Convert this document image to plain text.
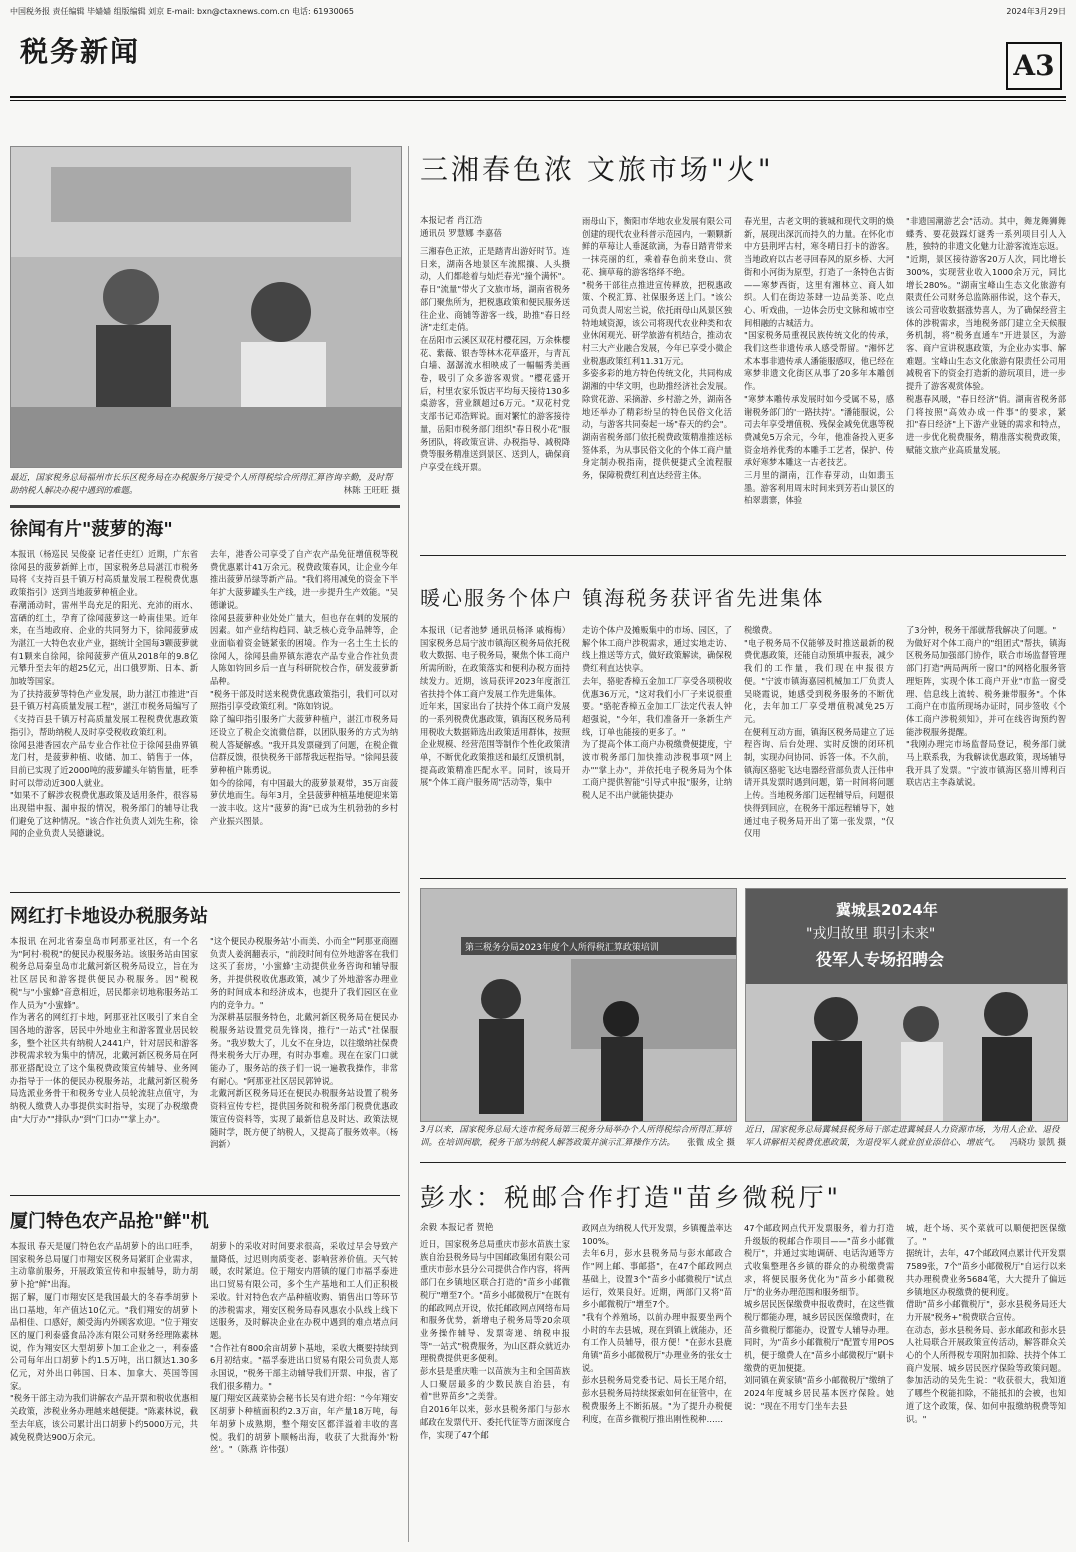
中国税务报 责任编辑 毕嫱嫱 组版编辑 刘京 E-mail: bxn@ctaxnews.com.cn 电话: 61930065	2024年3月29日
税务新闻	A3
最近，国家税务总局福州市长乐区税务局在办税服务厅接受个人所得税综合所得汇算咨询辛勤，及时帮助纳税人解决办税中遇到的难题。	林陈 王旺旺 摄
徐闻有片"菠萝的海"
本报讯（杨巡民 吴俊豪 记者任吏红）近期，广东省徐闻县的菠萝新鲜上市，国家税务总局湛江市税务局将《支持百县千镇万村高质量发展工程税费优惠政策指引》送到当地菠萝种植企业。
春潮涌动时，雷州半岛充足的阳光、充沛的雨水、富硒的红土，孕育了徐闻菠萝这一岭南佳果。近年来，在当地政府、企业的共同努力下，徐闻菠萝成为湛江一大特色农业产业，据统计全国每3颗菠萝就有1颗来自徐闻，徐闻菠萝产值从2018年的9.8亿元攀升至去年的超25亿元，出口俄罗斯、日本、新加坡等国家。
为了扶持菠萝等特色产业发展，助力湛江市推进"百县千镇万村高质量发展工程"，湛江市税务局编写了《支持百县千镇万村高质量发展工程税费优惠政策指引》，帮助纳税人及时享受税收政策红利。
徐闻县港香园农产品专业合作社位于徐闻县曲界镇龙门村，是菠萝种植、收储、加工、销售于一体，目前已实现了近2000吨的菠萝罐头年销售量，旺季时可以带动近300人就业。
"如果不了解涉农税费优惠政策及适用条件，很容易出现错申报、漏申报的情况，税务部门的辅导让我们避免了这种情况。"该合作社负责人刘先生称，徐闻的企业负责人吴德谦说。
去年，港香公司享受了自产农产品免征增值税等税费优惠累计41万余元。税费政策春风，让企业今年推出菠萝吊绿等新产品。"我们将用减免的资金下半年扩大菠萝罐头生产线，进一步提升生产效能。"吴德谦说。
徐闻县菠萝种业处处广量大，但也存在刺的发展的因素。如产业结构趋同、缺乏核心竞争品牌等，企业面临着资金链紧张的困境。作为一名土生土长的徐闻人，徐闻县曲界镇东港农产品专业合作社负责人陈如钧回乡后一直与科研院校合作，研发菠萝新品种。
"税务干部及时送来税费优惠政策指引，我们可以对照指引享受政策红利。"陈如钧说。
除了编印指引服务广大菠萝种植户，湛江市税务局还设立了税企交流微信群，以团队服务的方式为纳税人答疑解惑。"我开具发票碰到了问题，在税企微信群反馈，很快税务干部帮我远程指导。"徐闻县菠萝种植户陈勇说。
如今的徐闻，有中国最大的菠萝景观带，35万亩菠萝伏地而生。每年3月，全县菠萝种植基地便迎来第一波丰收。这片"菠萝的海"已成为生机勃勃的乡村产业振兴图景。
网红打卡地设办税服务站
本报讯 在河北省秦皇岛市阿那亚社区，有一个名为"阿村·税税"的便民办税服务站。该服务站由国家税务总局秦皇岛市北戴河新区税务局设立，旨在为社区居民和游客提供便民办税服务。因"税税税"与"小蜜蜂"音意相近，居民都亲切地称服务站工作人员为"小蜜蜂"。
作为著名的网红打卡地，阿那亚社区吸引了来自全国各地的游客，居民中外地业主和游客置业居民较多，整个社区共有纳税人2441户，针对居民和游客涉税需求较为集中的情况，北戴河新区税务局在阿那亚搭配设立了这个集税费政策宣传辅导、业务网办指导于一体的便民办税服务站，北戴河新区税务局选派业务骨干和税务专业人员轮流驻点值守，为纳税人缴费人办事提供实时指导，实现了办税缴费由"大厅办""排队办"到"门口办""掌上办"。
"这个便民办税服务站'小而美、小而全'"阿那亚商圈负责人姜润翻表示，"前段时间有位外地游客在我们这买了套房，'小蜜蜂'主动提供业务咨询和辅导服务，并提供税收优惠政策，减少了外地游客办理业务的时间成本和经济成本，也提升了我们园区在业内的竞争力。"
为深耕基层服务特色，北戴河新区税务局在便民办税服务站设置党员先锋岗，推行"一站式"社保服务。"我岁数大了，儿女不在身边，以往缴纳社保费得来税务大厅办理，有时办事难。现在在家门口就能办了，服务站的孩子们一说一遍教我操作，非常有耐心。"阿那亚社区居民郭钟说。
北戴河新区税务局还在便民办税服务站设置了税务资料宣传专栏，提供国务院和税务部门税费优惠政策宣传资料等，实现了最新信息及时达、政策法规随时学，既方便了纳税人，又提高了服务效率。（杨润新）
厦门特色农产品抢"鲜"机
本报讯 春天是厦门特色农产品胡萝卜的出口旺季，国家税务总局厦门市翔安区税务局紧盯企业需求，主动靠前服务，开展政策宣传和申报辅导，助力胡萝卜抢"鲜"出海。
据了解，厦门市翔安区是我国最大的冬春季胡萝卜出口基地，年产值达10亿元。"我们翔安的胡萝卜品相佳、口感好，颇受海内外顾客欢迎。"位于翔安区的厦门利泰盛食品冷冻有限公司财务经理陈素林说，作为翔安区大型胡萝卜加工企业之一，利泰盛公司每年出口胡萝卜约1.5万吨，出口额达1.30多亿元，对外出口韩国、日本、加拿大、英国等国家。
"税务干部主动为我们讲解农产品开票和税收优惠相关政策，涉税业务办理越来越便捷。"陈素林说，截至去年底，该公司累计出口胡萝卜约5000万元，共减免税费达900万余元。
胡萝卜的采收对时间要求很高，采收过早会导致产量降低，过迟则肉质变老、影响营养价值。天气转暖，农时紧迫。位于翔安内厝镇的厦门市福孚泰进出口贸易有限公司，多个生产基地和工人们正积极采收。针对特色农产品种植收购、销售出口等环节的涉税需求，翔安区税务局春风惠农小队线上线下送服务，及时解决企业在办税中遇到的难点堵点问题。
"合作社有800余亩胡萝卜基地，采收大概要持续到6月初结束。"福孚泰进出口贸易有限公司负责人郑永国说，"税务干部主动辅导我们开票、申报，省了我们很多精力。"
厦门翔安区蔬菜协会秘书长吴有进介绍："今年翔安区胡萝卜种植面积约2.3万亩，年产量18万吨，每年胡萝卜成熟期，整个翔安区都洋溢着丰收的喜悦。我们的胡萝卜顺畅出海，收获了大批海外'粉丝'。"（陈燕 许伟强）
三湘春色浓 文旅市场"火"
本报记者 肖江浩
通讯员 罗慧娜 李嘉蓓
三湘春色正浓，正是踏青出游好时节。连日来，湖南各地景区车流熙攘、人头攒动，人们都趁着与灿烂春光"撞个满怀"。春日"流量"带火了文旅市场，湖南省税务部门聚焦所为，把税惠政策和便民服务送往企业、商铺等游客一线，助推"春日经济"走红走俏。
在岳阳市云溪区双花村樱花园，万余株樱花、紫薇、银杏等林木花草盛开，与青瓦白墙、潺潺流水相映成了一幅幅秀美画卷，吸引了众多游客观赏。"樱花盛开后，村里农家乐饭店平均每天接待130多桌游客，营业额超过6万元。"双花村党支部书记邓浩辉说。面对繁忙的游客接待量，岳阳市税务部门组织"春日税小花"服务团队，将政策宣讲、办税指导、减税降费等服务精准送到景区、送到人，确保商户享受在线开票。
雨母山下，衡阳市华地农业发展有限公司创建的现代农业科普示范园内，一颗颗新鲜的草莓让人垂涎欲滴，为春日踏青带来一抹亮丽的红，乘着春色前来登山、赏花、摘草莓的游客络绎不绝。
"税务干部往点推进宣传释放，把税惠政策、个税汇算、社保服务送上门。"该公司负责人周宏兰说，依托雨母山风景区独特地域资源，该公司将现代农业种类和农业休闲观光、研学旅游有机结合，推动农村三大产业融合发展，今年已享受小微企业税惠政策红利11.31万元。
多姿多彩的地方特色传统文化，共同构成湖湘的中华文明，也助推经济社会发展。除赏花游、采摘游、乡村游之外，湖南各地还举办了精彩纷呈的特色民俗文化活动，与游客共同奏起一场"春天的约会"。湖南省税务部门依托税费政策精准推送标签体系，为从事民俗文化的个体工商户量身定制办税指南，提供便捷式全流程服务，保障税费红利直达经营主体。
春光里，古老文明的蓑城和现代文明的焕新，展现出深沉而持久的力量。在怀化市中方县荆坪古村，寒冬晴日打卡的游客。当地政府以古老寻回春风的原乡桥、大河街和小河街为原型，打造了一条特色古街——寒梦西街，这里有湘林立、商人如织。人们在街边茶肆一边品美茶、吃点心、听戏曲，一边体会历史文脉和城市空间相融的古城活力。
"国家税务局重视民族传统文化的传承，我们这些非遗传承人感受帮留。"湘怀艺术本事非遗传承人潘能服感叹，他已经在寒梦非遗文化街区从事了20多年本雕创作。
"寒梦本雕传承发展时如今受属不易，感谢税务部门的'一路扶持'。"潘能服说，公司去年享受增值税、残保金减免优惠等税费减免5万余元，今年，他准备投入更多资金培养优秀的本雕手工艺者，保护、传承好寒梦本雕这一古老技艺。
三月里的湖南，江作春芽动，山如翡玉墨。游客利用周末时间来到芳若山景区的柏翠翡寨，体验
"非遗国潮游艺会"活动。其中，舞龙舞狮舞蝶秀、要花鼓踩灯谜秀一系列项目引人入胜，独特的非遗文化魅力让游客流连忘返。
"近期，景区接待游客20万人次，同比增长300%，实现营业收入1000余万元，同比增长280%。"湖南宝峰山生态文化旅游有限责任公司财务总监陈丽伟说，这个春天，该公司营收数据涨势喜人，为了确保经营主体的涉税需求，当地税务部门建立全天候服务机制，将"税务直通车"开进景区，为游客、商户宣讲税惠政策，为企业办实事、解难题。宝峰山生态文化旅游有限责任公司用减税省下的资金打造新的游玩项目，进一步提升了游客观赏体验。
税惠春风暖，"春日经济"俏。湖南省税务部门将按照"高效办成一件事"的要求，紧扣"春日经济"上下游产业链的需求和特点，进一步优化税费服务，精准落实税费政策，赋能文旅产业高质量发展。
暖心服务个体户 镇海税务获评省先进集体
本报讯（记者池梦 通讯员杨泽 戚梅梅）国家税务总局宁波市镇海区税务局依托税收大数据、电子税务局，聚焦个体工商户所需所盼，在政策落实和便利办税方面持续发力。近期，该局获评2023年度浙江省扶持个体工商户发展工作先进集体。
近年来，国家出台了扶持个体工商户发展的一系列税费优惠政策，镇海区税务局利用税收大数据筛选出政策适用群体，按照企业规模、经营范围等制作个性化政策清单，不断优化政策推送和最红反馈机制，提高政策精准匹配水平。同时，该局开展"个体工商户服务周"活动等，集中
走访个体户及摊贩集中的市场、园区，了解个体工商户涉税需求，通过实地走访、线上推送等方式，做好政策解读，确保税费红利直达快享。
去年，骆驼香樟五金加工厂享受各项税收优惠36万元，"这对我们小厂子来说很重要。"骆驼香樟五金加工厂法定代表人钟超强说，"今年，我们准备开一条新生产线，订单也能接的更多了。"
为了提高个体工商户办税缴费便捷度，宁波市税务部门加快推动涉税事项"网上办""掌上办"，并依托电子税务局为个体工商户提供智能"引导式申报"服务，让纳税人足不出户就能快捷办
税缴费。
"电子税务局不仅能够及时推送最新的税费优惠政策，还能自动预填申报表，减少我们的工作量，我们现在申报很方便。"宁波市镇海嘉园机械加工厂负责人吴晓霞说，她感受到税务服务的不断优化，去年加工厂享受增值税减免25万元。
在便利互动方面，镇海区税务局建立了远程咨询、后台处理、实时反馈的闭环机制，实现办问协同、诉答一体。不久前，镇海区骆驼飞达电器经营部负责人汪伟申请开具发票时遇到问题，第一时间将问题上传。当地税务部门远程辅导后，问题很快得到回应，在税务干部远程辅导下，她通过电子税务局开出了第一张发票，"仅仅用
了3分钟，税务干部就帮我解决了问题。"
为做好对个体工商户的"组团式"帮扶，镇海区税务局加强部门协作，联合市场监督管理部门打造"两局两所一窗口"的网格化服务管理矩阵，实现个体工商户开业"市监一窗受理、信息线上流转、税务兼带服务"。个体工商户在市监所现场办证时，同步签收《个体工商户涉税须知》，并可在线咨询预约智能涉税服务提醒。
"我刚办理完市场监督局登记，税务部门就马上联系我，为我解读优惠政策，现场辅导我开具了发票。"宁波市镇海区骆川博利百联店店主李淼斌说。
第三税务分局2023年度个人所得税汇算政策培训
3月以来，国家税务总局大连市税务局第三税务分局举办个人所得税综合所得汇算培训。在培训间歇，税务干部为纳税人解答政策并演示汇算操作方法。 张微 成全 摄
冀城县2024年
"戎归故里 职引未来"
役军人专场招聘会
近日，国家税务总局冀城县税务局干部走进冀城县人力资源市场，为用人企业、退役军人讲解相关税费优惠政策，为退役军人就业创业添信心、增底气。 冯晓功 景凯 摄
彭水：税邮合作打造"苗乡微税厅"
余毅 本报记者 贺艳
近日，国家税务总局重庆市彭水苗族土家族自治县税务局与中国邮政集团有限公司重庆市彭水县分公司提供合作内容，将两部门在乡镇地区联合打造的"苗乡小邮微税厅"增至7个。"苗乡小邮微税厅"在既有的邮政网点开设，依托邮政网点网络布局和服务优势，新增电子税务局等20余项业务操作辅导、发票寄递、纳税申报等"一站式"税费服务，为山区群众就近办理税费提供更多便利。
彭水县是重庆唯一以苗族为主和全国苗族人口聚居最多的少数民族自治县，有着"世界苗乡"之美誉。
自2016年以来，彭水县税务部门与彭水邮政在发票代开、委托代征等方面深度合作，实现了47个邮
政网点为纳税人代开发票，乡镇覆盖率达100%。
去年6月，彭水县税务局与彭水邮政合作"网上邮、事邮搭"，在47个邮政网点基础上，设置3个"苗乡小邮微税厅"试点运行，效果良好。近期，两部门又将"苗乡小邮微税厅"增至7个。
"我有个养殖场，以前办理申报要坐两个小时的车去县城，现在到镇上就能办，还有工作人员辅导，很方便！"在彭水县鹿角镇"苗乡小邮微税厅"办理业务的张女士说。
彭水县税务局党委书记、局长王尾介绍，彭水县税务局持续探索如何在征管中，在税费服务上不断拓展。"为了提升办税便利度，在苗乡微税厅推出刚性税种……
47个邮政网点代开发票服务，着力打造升级版的税邮合作项目——"苗乡小邮微税厅"，并通过实地调研、电话沟通等方式收集整理各乡镇的群众的办税缴费需求，将便民服务优化为"苗乡小邮微税厅"的业务办理范围和服务细节。
城乡居民医保缴费申报收费时，在这些微税厅都能办理，城乡居民医保缴费时，在苗乡微税厅都能办，设置专人辅导办理。同时，为"苗乡小邮微税厅"配置专用POS机，便于缴费人在"苗乡小邮微税厅"刷卡缴费的更加便捷。
刘同镇在黄家镇"苗乡小邮微税厅"缴纳了2024年度城乡居民基本医疗保险。她说："现在不用专门坐车去县
城，赶个场、买个菜就可以顺便把医保缴了。"
据统计，去年，47个邮政网点累计代开发票7589张，7个"苗乡小邮微税厅"自运行以来共办理税费业务5684笔，大大提升了偏远乡镇地区办税缴费的便利度。
借助"苗乡小邮微税厅"，彭水县税务局还大力开展"税务+"税费联合宣传。
在动态，彭水县税务局、彭水邮政和彭水县人社局联合开展政策宣传活动，解答群众关心的个人所得税专项附加扣除、扶持个体工商户发展、城乡居民医疗保险等政策问题。参加活动的吴先生说："收获很大，我知道了哪些个税能扣除，不能抵扣的会被，也知道了这个政策，保、如何申报缴纳税费等知识。"
